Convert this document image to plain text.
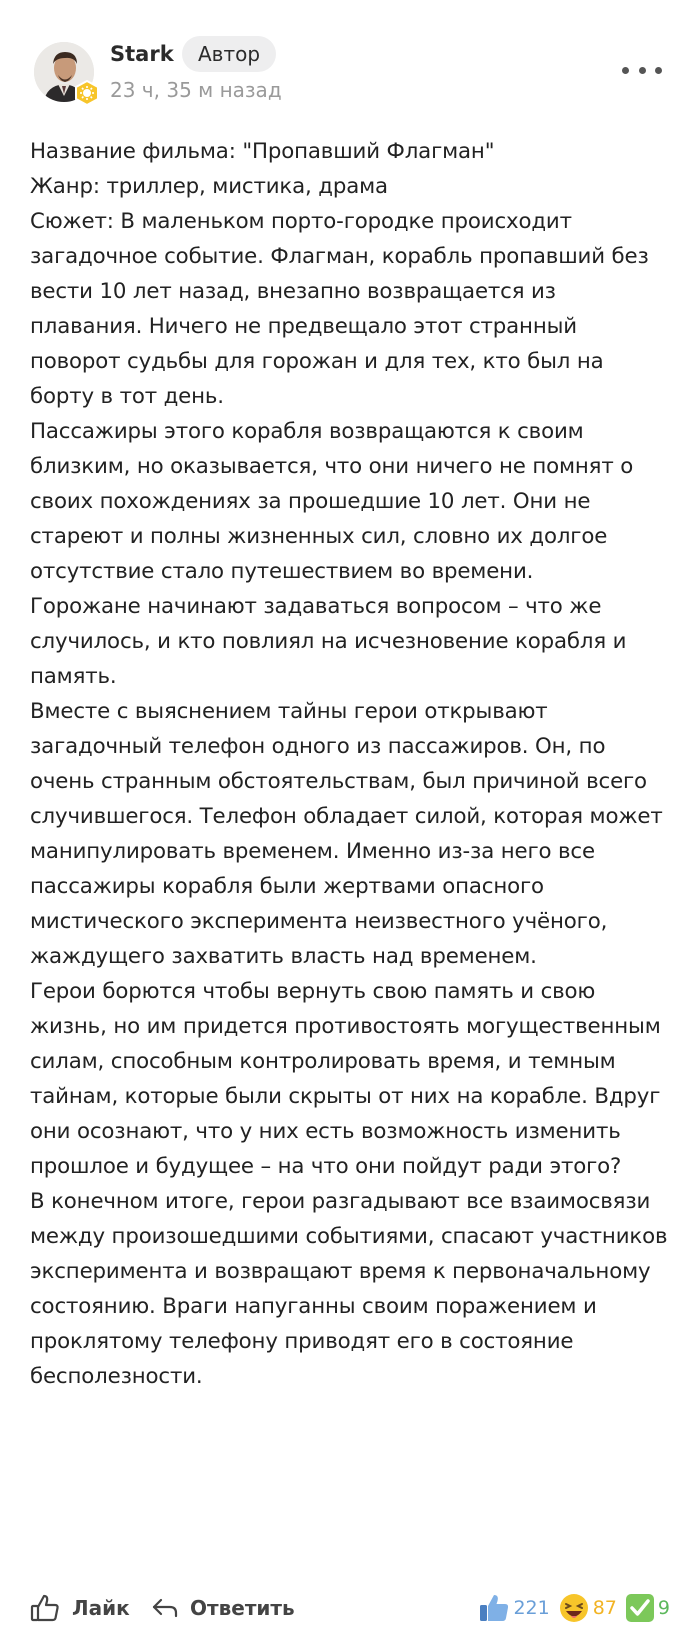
Stark	Автор
23 ч, 35 м назад

Название фильма: "Пропавший Флагман"

Жанр: триллер, мистика, драма

Сюжет: В маленьком порто-городке происходит загадочное событие. Флагман, корабль пропавший без вести 10 лет назад, внезапно возвращается из плавания. Ничего не предвещало этот странный поворот судьбы для горожан и для тех, кто был на борту в тот день.

Пассажиры этого корабля возвращаются к своим близким, но оказывается, что они ничего не помнят о своих похождениях за прошедшие 10 лет. Они не стареют и полны жизненных сил, словно их долгое отсутствие стало путешествием во времени.

Горожане начинают задаваться вопросом – что же случилось, и кто повлиял на исчезновение корабля и память.

Вместе с выяснением тайны герои открывают загадочный телефон одного из пассажиров. Он, по очень странным обстоятельствам, был причиной всего случившегося. Телефон обладает силой, которая может манипулировать временем. Именно из-за него все пассажиры корабля были жертвами опасного мистического эксперимента неизвестного учёного, жаждущего захватить власть над временем.

Герои борются чтобы вернуть свою память и свою жизнь, но им придется противостоять могущественным силам, способным контролировать время, и темным тайнам, которые были скрыты от них на корабле. Вдруг они осознают, что у них есть возможность изменить прошлое и будущее – на что они пойдут ради этого?

В конечном итоге, герои разгадывают все взаимосвязи между произошедшими событиями, спасают участников эксперимента и возвращают время к первоначальному состоянию. Враги напуганны своим поражением и проклятому телефону приводят его в состояние бесполезности.

Лайк	Ответить	221 87 9
